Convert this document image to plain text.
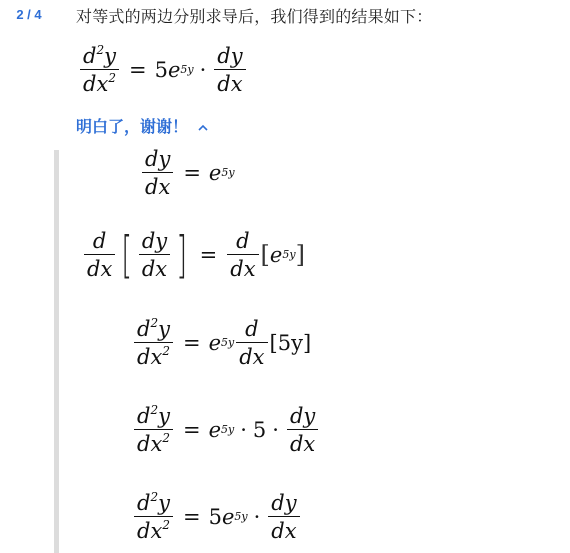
2 / 4	对等式的两边分别求导后，我们得到的结果如下：
$\frac{d^2y}{dx^2} = 5$ e $5y \cdot \frac{dy}{dx}$
明白了，谢谢！
$\frac{dy}{dx} = e$ 5y
$\frac{d}{dx}$ [ $\frac{dy}{dx}$ ] = $\frac{d}{dx}$ [ e 5y ]
$\frac{d^2y}{dx^2} = e$ $5y \frac{d}{dx} [5y]$
$\frac{d^2y}{dx^2} = e$ $5y \cdot 5 \cdot \frac{dy}{dx}$
$\frac{d^2y}{dx^2} = 5$ e $5y \cdot \frac{dy}{dx}$
